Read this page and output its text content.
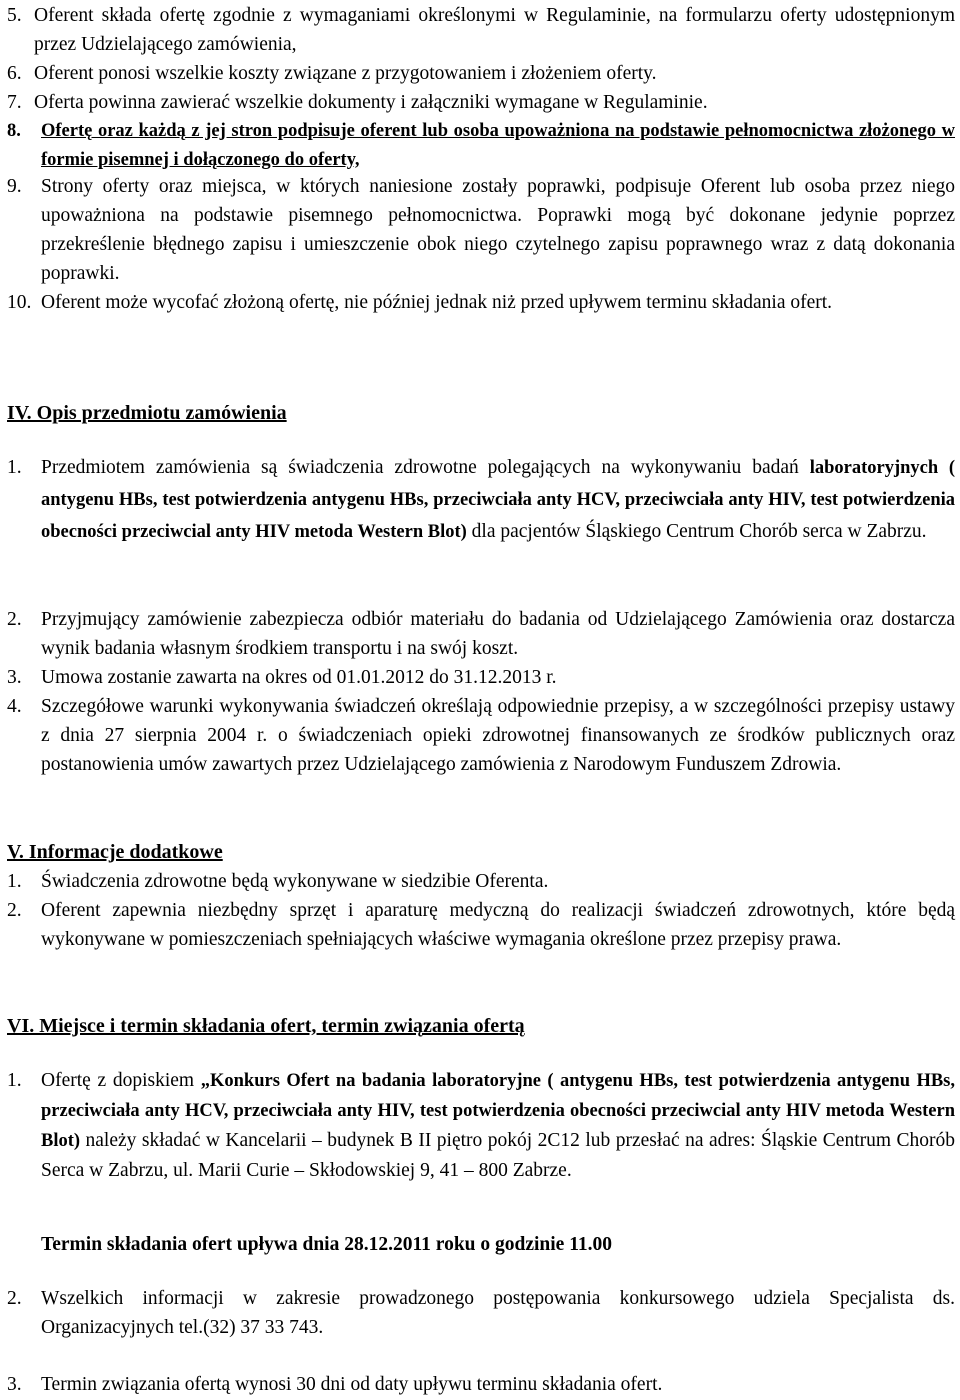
5. Oferent składa ofertę zgodnie z wymaganiami określonymi w Regulaminie, na formularzu oferty udostępnionym przez Udzielającego zamówienia,
6. Oferent ponosi wszelkie koszty związane z przygotowaniem i złożeniem oferty.
7. Oferta powinna zawierać wszelkie dokumenty i załączniki wymagane w Regulaminie.
8.	Ofertę oraz każdą z jej stron podpisuje oferent lub osoba upoważniona na podstawie pełnomocnictwa złożonego w formie pisemnej i dołączonego do oferty,
9. Strony oferty oraz miejsca, w których naniesione zostały poprawki, podpisuje Oferent lub osoba przez niego upoważniona na podstawie pisemnego pełnomocnictwa. Poprawki mogą być dokonane jedynie poprzez przekreślenie błędnego zapisu i umieszczenie obok niego czytelnego zapisu poprawnego wraz z datą dokonania poprawki.
10. Oferent może wycofać złożoną ofertę, nie później jednak niż przed upływem terminu składania ofert.
IV. Opis przedmiotu zamówienia
1. Przedmiotem zamówienia są świadczenia zdrowotne polegających na wykonywaniu badań laboratoryjnych ( antygenu HBs, test potwierdzenia antygenu HBs, przeciwciała anty HCV, przeciwciała anty HIV, test potwierdzenia obecności przeciwcial anty HIV metoda Western Blot) dla pacjentów Śląskiego Centrum Chorób serca w Zabrzu.
2. Przyjmujący zamówienie zabezpiecza odbiór materiału do badania od Udzielającego Zamówienia oraz dostarcza wynik badania własnym środkiem transportu i na swój koszt.
3. Umowa zostanie zawarta na okres od 01.01.2012 do 31.12.2013 r.
4. Szczegółowe warunki wykonywania świadczeń określają odpowiednie przepisy, a w szczególności przepisy ustawy z dnia 27 sierpnia 2004 r. o świadczeniach opieki zdrowotnej finansowanych ze środków publicznych oraz postanowienia umów zawartych przez Udzielającego zamówienia z Narodowym Funduszem Zdrowia.
V. Informacje dodatkowe
1. Świadczenia zdrowotne będą wykonywane w siedzibie Oferenta.
2. Oferent zapewnia niezbędny sprzęt i aparaturę medyczną do realizacji świadczeń zdrowotnych, które będą wykonywane w pomieszczeniach spełniających właściwe wymagania określone przez przepisy prawa.
VI. Miejsce i termin składania ofert, termin związania ofertą
1. Ofertę z dopiskiem „Konkurs Ofert na badania laboratoryjne ( antygenu HBs, test potwierdzenia antygenu HBs, przeciwciała anty HCV, przeciwciała anty HIV, test potwierdzenia obecności przeciwcial anty HIV metoda Western Blot) należy składać w Kancelarii – budynek B II piętro pokój 2C12 lub przesłać na adres: Śląskie Centrum Chorób Serca w Zabrzu, ul. Marii Curie – Skłodowskiej 9, 41 – 800 Zabrze.
Termin składania ofert upływa dnia 28.12.2011 roku o godzinie 11.00
2. Wszelkich informacji w zakresie prowadzonego postępowania konkursowego udziela Specjalista ds. Organizacyjnych tel.(32) 37 33 743.
3. Termin związania ofertą wynosi 30 dni od daty upływu terminu składania ofert.
